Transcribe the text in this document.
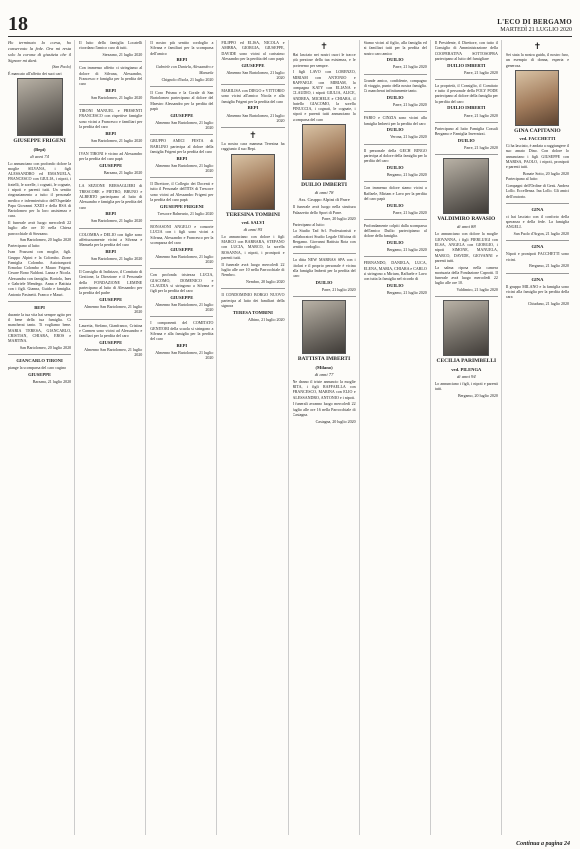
18	L'ECO DI BERGAMO
MARTEDÌ 21 LUGLIO 2020
Ho terminato la corsa, ho conservato la fede. Ora mi resta solo la corona di giustizia che il Signore mi darà.
(San Paolo)

È mancato all'affetto dei suoi cari

GIUSEPPE FRIGENI
(Bepi)
di anni 74

Lo annunciano con profondo dolore la moglie SILVANA, i figli ALESSANDRO ed EMANUELA, FRANCESCO con GIULIA, i nipoti, i fratelli, le sorelle, i cognati, le cognate, i nipoti e parenti tutti. Un sentito ringraziamento a tutto il personale medico e infermieristico dell'Ospedale Papa Giovanni XXIII e della RSA di Bartolomeo per la loro assistenza e cura.

Il funerale avrà luogo mercoledì 22 luglio alle ore 10 nella Chiesa parrocchiale di Stezzano.

San Bartolomeo, 20 luglio 2020

Partecipano al lutto:

Ivan Frassoni con moglie, figli. Gruppo Alpini e la Colombo. Zione Famiglia Colombo. Autotrasporti Ermolao Colombo e Mauro Frigeni. Cesare Bono Naldoni. Lanza e Nicola. Alessandra con famiglia. Bortolo, Ines e Gabriele Mendego. Anna e Battista con i figli. Gianna, Guido e famiglia. Antonio Pasinetti. Franco e Mauri.

BEPI

durante la tua vita hai sempre agito per il bene della tua famiglia. Ci mancherai tanto. Ti vogliamo bene. MARIA TERESA, GIANCARLO, CRISTIAN, CHIARA, EROS e MARTINA.

San Bartolomeo, 20 luglio 2020
GIANCARLO TIRONI

piange la scomparsa del caro cugino

GIUSEPPE
Barzana, 21 luglio 2020

Il lutto della famiglia Locatelli ricordano l'amico caro di tutti.

Stezzano, 21 luglio 2020

Con immenso affetto ci stringiamo al dolore di Silvana, Alessandro, Francesco e famiglia per la perdita del caro

BEPI
San Bartolomeo, 21 luglio 2020

TIRONI MANUEL e PRESENTI FRANCESCO con rispettive famiglie sono vicini a Francesco e familiari per la perdita del caro

BEPI
San Bartolomeo, 21 luglio 2020

IVAN TIRONI è vicino ad Alessandro per la perdita del caro papà

GIUSEPPE
Barzana, 21 luglio 2020

LA SEZIONE BERSAGLIERI di TRESCORE e PIETRO, BRUNO e ALBERTO partecipano al lutto di Alessandro e famiglia per la perdita del caro

BEPI
San Bartolomeo, 21 luglio 2020

COLOMBA e DELIO con figlie sono affettuosamente vicini a Silvana e Manuela per la perdita del caro

BEPI
San Bartolomeo, 21 luglio 2020

Il Consiglio di Indirizzo, il Comitato di Gestione, la Direzione e il Personale della FONDAZIONE LEMINE partecipano al lutto di Alessandro per la perdita del padre

GIUSEPPE
Almenno San Bartolomeo, 21 luglio 2020

Lauretta, Stefano, Gianfranco, Cristina e Carmen sono vicini ad Alessandro e familiari per la perdita del caro

GIUSEPPE
Almenno San Bartolomeo, 21 luglio 2020

Il nostro più sentito cordoglio a Silvana e familiari per la scomparsa dell'amico

BEPI
Gabriele con Daniela, Alessandro e Manuela
Chignolo d'Isola, 21 luglio 2020

Il Coro Prisma e la Corale di San Bartolomeo partecipano al dolore del Maestro Alessandro per la perdita del papà

GIUSEPPE
Almenno San Bartolomeo, 21 luglio 2020

GRUPPO AMICI FESTA di BARLINO partecipa al dolore della famiglia Frigeni per la perdita del caro

BEPI
Almenno San Bartolomeo, 21 luglio 2020

Il Direttore, il Collegio dei Docenti e tutto il Personale dell'ITIS di Trescore sono vicini ad Alessandro Frigeni per la perdita del caro papà

GIUSEPPE FRIGENI
Trescore Balneario, 21 luglio 2020

BONASONI ANGELO e consorte LUCIA con i figli sono vicini a Silvana, Alessandro e Francesco per la scomparsa del caro

GIUSEPPE
Almenno San Bartolomeo, 21 luglio 2020

Con profonda tristezza LUCIA, GIACOMO, DOMENICO e CLAUDIA si stringono a Silvana e figli per la perdita del caro

GIUSEPPE
Almenno San Bartolomeo, 21 luglio 2020

I componenti del COMITATO GENITORI della scuola si stringono a Silvana e alla famiglia per la perdita del caro

BEPI
Almenno San Bartolomeo, 21 luglio 2020

FILIPPO ed ELISA, NICOLA e AMBRA, GIORGIA, GIUSEPPE, DAVIDE sono vicini al carissimo Alessandro per la perdita del caro papà

GIUSEPPE
Almenno San Bartolomeo, 21 luglio 2020

MARILISA con DIEGO e VITTORIO sono vicini all'amico Nicola e alla famiglia Frigeni per la perdita del caro

BEPI
Almenno San Bartolomeo, 21 luglio 2020
✝

La nostra cara mamma Teresina ha raggiunto il suo Bepi.

TERESINA TOMBINI
ved. SALVI
di anni 95

Lo annunciano con dolore i figli MARCO con BARBARA, STEFANO con LUCIA, MARCO, la sorella ROSANNA, i nipoti, i pronipoti e parenti tutti.

Il funerale avrà luogo mercoledì 22 luglio alle ore 10 nella Parrocchiale di Nembro.

Nembro, 20 luglio 2020

Il CONDOMINIO BORGO NUOVO partecipa al lutto dei familiari della signora

TERESA TOMBINI
Albino, 21 luglio 2020
✝

Hai lasciato nei nostri cuori le tracce più preziose della tua esistenza, e le porteremo per sempre.

I figli LAVO con LORENZO, MIRIAM con ANTONIO e RAFFAELE con MIRIAM, la compagna KATY con ELIANA e CLAUDIO, i nipoti GIULIA, ALICE, ANDREA, MICHELE e CHIARA, il fratello GIACOMO, la sorella PINUCCIA, i cognati, le cognate, i nipoti e parenti tutti annunciano la scomparsa del caro

DUILIO IMBERTI
di anni 78
Ass. Gruppo Alpini di Parre

Il funerale avrà luogo nella struttura Palazzetto dello Sport di Parre.

Parre, 20 luglio 2020

Partecipano al lutto:

La Studio Tad Srl. Professionisti e collaboratori Studio Legale Officina di Bergamo. Giovanni Battista Rota con sentito cordoglio.

La ditta NEW MARBAS SPA con i titolari e il proprio personale è vicina alla famiglia Imberti per la perdita del caro

DUILIO
Parre, 21 luglio 2020
BATTISTA IMBERTI
(Milano)
di anni 77

Ne danno il triste annuncio la moglie RITA, i figli RAFFAELLA con FRANCESCO, MARINA con ELIO e ALESSANDRO, ANTONIO e i nipoti.

I funerali avranno luogo mercoledì 22 luglio alle ore 16 nella Parrocchiale di Castagna.

Castagna, 20 luglio 2020

Siamo vicini al figlio, alla famiglia ed ai familiari tutti per la perdita del nostro caro amico

DUILIO
Parre, 21 luglio 2020

Grande amico, confidente, compagno di viaggio, punto della nostra famiglia. Ci mancherai infinitamente tanto.

DUILIO
Parre, 21 luglio 2020

FABIO e CINZIA sono vicini alla famiglia Imberti per la perdita del caro

DUILIO
Verona, 21 luglio 2020

Il personale della GECH BINGO partecipa al dolore della famiglia per la perdita del caro

DUILIO
Bergamo, 21 luglio 2020

Con immenso dolore siamo vicini a Raffaele, Miriam e Lavo per la perdita del caro papà

DUILIO
Parre, 21 luglio 2020

Profondamente colpiti dalla scomparsa dell'amico Duilio partecipiamo al dolore della famiglia.

DUILIO
Bergamo, 21 luglio 2020

FERNANDO, DANIELA, LUCA, ELENA, MARIA, CHIARA e CARLO si stringono a Miriam, Raffaele e Lavo con tutta la famiglia nel ricordo di

DUILIO
Bergamo, 21 luglio 2020

Il Presidente, il Direttore, con tutto il Consiglio di Amministrazione della COOPERATIVA SOTTOSOPRA partecipano al lutto del famigliare

DUILIO IMBERTI
Parre, 21 luglio 2020

La proprietà, il Consiglio, il Comitato e tutto il personale della FOLY PODE partecipano al dolore della famiglia per la perdita del caro

DUILIO IMBERTI
Parre, 21 luglio 2020

Partecipano al lutto Famiglia Cossali Bergamo e Famiglia Invernizzi.

DUILIO
Parre, 21 luglio 2020
VALDIMIRO RAVASIO
di anni 88

Lo annunciano con dolore la moglie GIOVANNA, i figli PIERLUIGI con ELSA, ANGELA con GIORGIO, i nipoti SIMONE, MANUELA, MARCO, DAVIDE, GIOVANNI e parenti tutti.

La salma riposa nella camera mortuaria della Fondazione Caprotti. Il funerale avrà luogo mercoledì 22 luglio alle ore 10.

Valdimiro, 21 luglio 2020
CECILIA PARIMBELLI
ved. PILENGA
di anni 94

Lo annunciano i figli, i nipoti e parenti tutti.

Bergamo, 20 luglio 2020
✝

Sei stata la nostra guida, il nostro faro, un esempio di donna, esperta e generosa.

GINA CAPITANIO
ved. FACCHETTI

Ci ha lasciato, è andata a raggiungere il suo amato Dino. Con dolore lo annunciano i figli GIUSEPPE con MARISA, PAOLO, i nipoti, pronipoti e parenti tutti.

Bonate Sotto, 20 luglio 2020

Partecipano al lutto:

Compagni dell'Ordine di Gesù. Andrea Lollo. Eccellenza. Ina Lollo. Gli amici dell'oratorio.

GINA

ci hai lasciato con il conforto della speranza e della fede. La famiglia ANGELI.

San Paolo d'Argon, 21 luglio 2020
GINA

Nipoti e pronipoti FACCHETTI sono vicini.

Bergamo, 21 luglio 2020
GINA

Il gruppo MILANO e la famiglia sono vicini alla famiglia per la perdita della cara

Chiuduno, 21 luglio 2020
Continua a pagina 24
